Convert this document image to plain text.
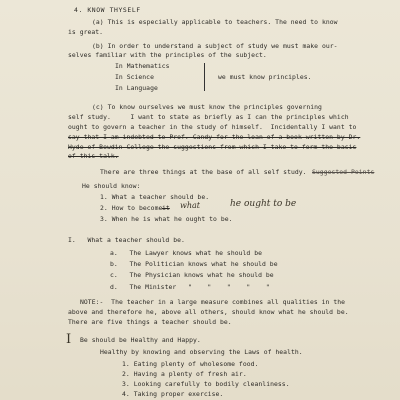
4. KNOW THYSELF
(a) This is especially applicable to teachers. The need to know
is great.
(b) In order to understand a subject of study we must make our-
selves familiar with the principles of the subject.
In Mathematics
In Science
In Language
we must know principles.
(c) To know ourselves we must know the principles governing
self study.     I want to state as briefly as I can the principles which
ought to govern a teacher in the study of himself.  Incidentally I want to
say that I am indebted to Prof. Candy for the loan of a book written by Dr.
Hyde of Bowdin College the suggestions from which I take to form the basis
of this talk.
There are three things at the base of all self study. Suggested Points
He should know:
1. What a teacher should be.
2. How to become it what	he ought to be
3. When he is what he ought to be.
I.   What a teacher should be.
a.   The Lawyer knows what he should be
b.   The Politician knows what he should be
c.   The Physician knows what he should be
d.   The Minister   "    "    "    "    "
NOTE:-  The teacher in a large measure combines all qualities in the
above and therefore he, above all others, should know what he should be.
There are five things a teacher should be.
I Be should be Healthy and Happy.
Healthy by knowing and observing the Laws of health.
1. Eating plenty of wholesome food.
2. Having a plenty of fresh air.
3. Looking carefully to bodily cleanliness.
4. Taking proper exercise.
